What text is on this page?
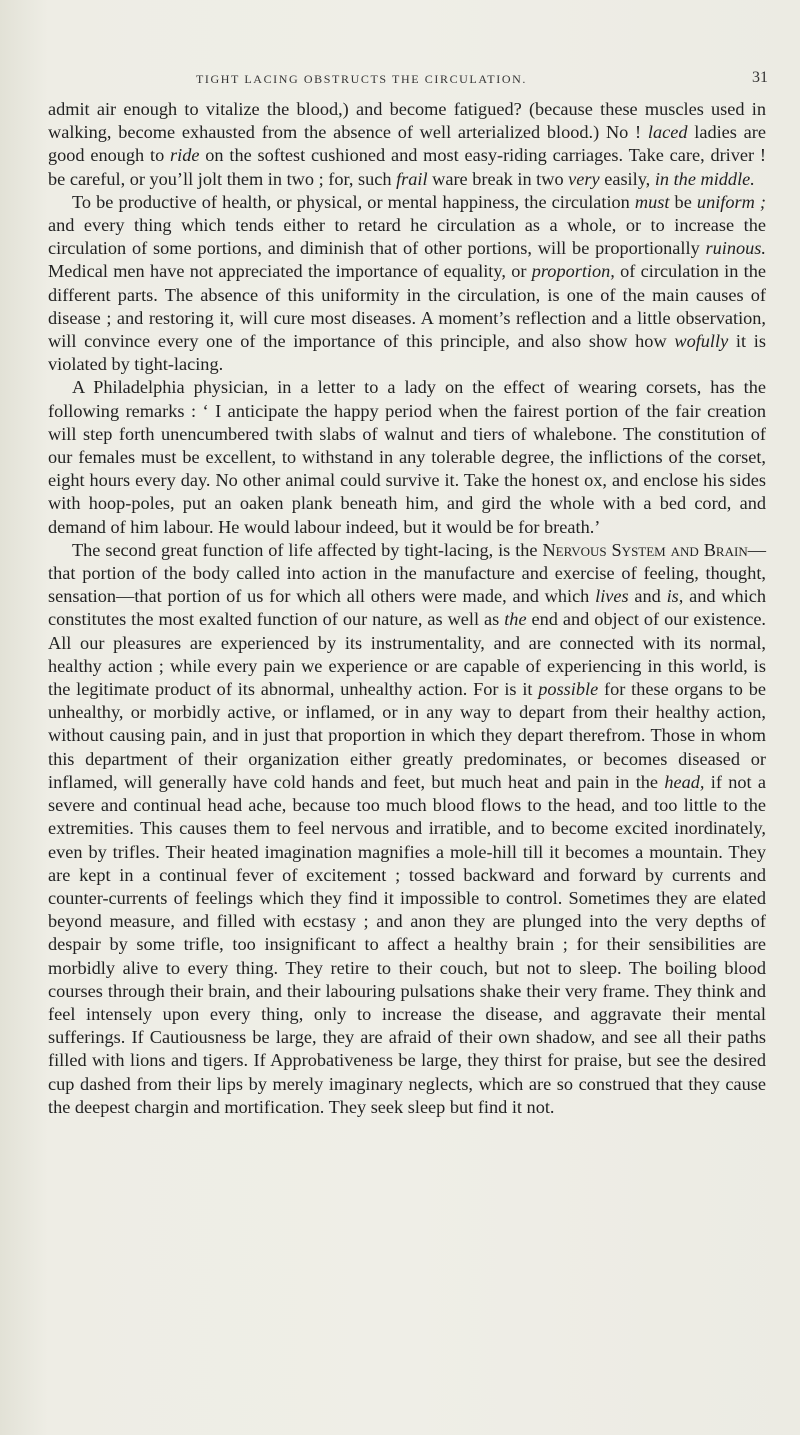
TIGHT LACING OBSTRUCTS THE CIRCULATION.	31

admit air enough to vitalize the blood,) and become fatigued? (because these muscles used in walking, become exhausted from the absence of well arterialized blood.) No ! laced ladies are good enough to ride on the softest cushioned and most easy-riding carriages. Take care, driver ! be careful, or you’ll jolt them in two ; for, such frail ware break in two very easily, in the middle.

To be productive of health, or physical, or mental happiness, the circulation must be uniform ; and every thing which tends either to retard he circulation as a whole, or to increase the circulation of some portions, and diminish that of other portions, will be proportionally ruinous. Medical men have not appreciated the importance of equality, or proportion, of circulation in the different parts. The absence of this uniformity in the circulation, is one of the main causes of disease ; and restoring it, will cure most diseases. A moment’s reflection and a little observation, will convince every one of the importance of this principle, and also show how wofully it is violated by tight-lacing.

A Philadelphia physician, in a letter to a lady on the effect of wearing corsets, has the following remarks : ‘ I anticipate the happy period when the fairest portion of the fair creation will step forth unencumbered twith slabs of walnut and tiers of whalebone. The constitution of our females must be excellent, to withstand in any tolerable degree, the inflictions of the corset, eight hours every day. No other animal could survive it. Take the honest ox, and enclose his sides with hoop-poles, put an oaken plank beneath him, and gird the whole with a bed cord, and demand of him labour. He would labour indeed, but it would be for breath.’

The second great function of life affected by tight-lacing, is the Nervous System and Brain—that portion of the body called into action in the manufacture and exercise of feeling, thought, sensation—that portion of us for which all others were made, and which lives and is, and which constitutes the most exalted function of our nature, as well as the end and object of our existence. All our pleasures are experienced by its instrumentality, and are connected with its normal, healthy action ; while every pain we experience or are capable of experiencing in this world, is the legitimate product of its abnormal, unhealthy action. For is it possible for these organs to be unhealthy, or morbidly active, or inflamed, or in any way to depart from their healthy action, without causing pain, and in just that proportion in which they depart therefrom. Those in whom this department of their organization either greatly predominates, or becomes diseased or inflamed, will generally have cold hands and feet, but much heat and pain in the head, if not a severe and continual head ache, because too much blood flows to the head, and too little to the extremities. This causes them to feel nervous and irratible, and to become excited inordinately, even by trifles. Their heated imagination magnifies a mole-hill till it becomes a mountain. They are kept in a continual fever of excitement ; tossed backward and forward by currents and counter-currents of feelings which they find it impossible to control. Sometimes they are elated beyond measure, and filled with ecstasy ; and anon they are plunged into the very depths of despair by some trifle, too insignificant to affect a healthy brain ; for their sensibilities are morbidly alive to every thing. They retire to their couch, but not to sleep. The boiling blood courses through their brain, and their labouring pulsations shake their very frame. They think and feel intensely upon every thing, only to increase the disease, and aggravate their mental sufferings. If Cautiousness be large, they are afraid of their own shadow, and see all their paths filled with lions and tigers. If Approbativeness be large, they thirst for praise, but see the desired cup dashed from their lips by merely imaginary neglects, which are so construed that they cause the deepest chargin and mortification. They seek sleep but find it not.
